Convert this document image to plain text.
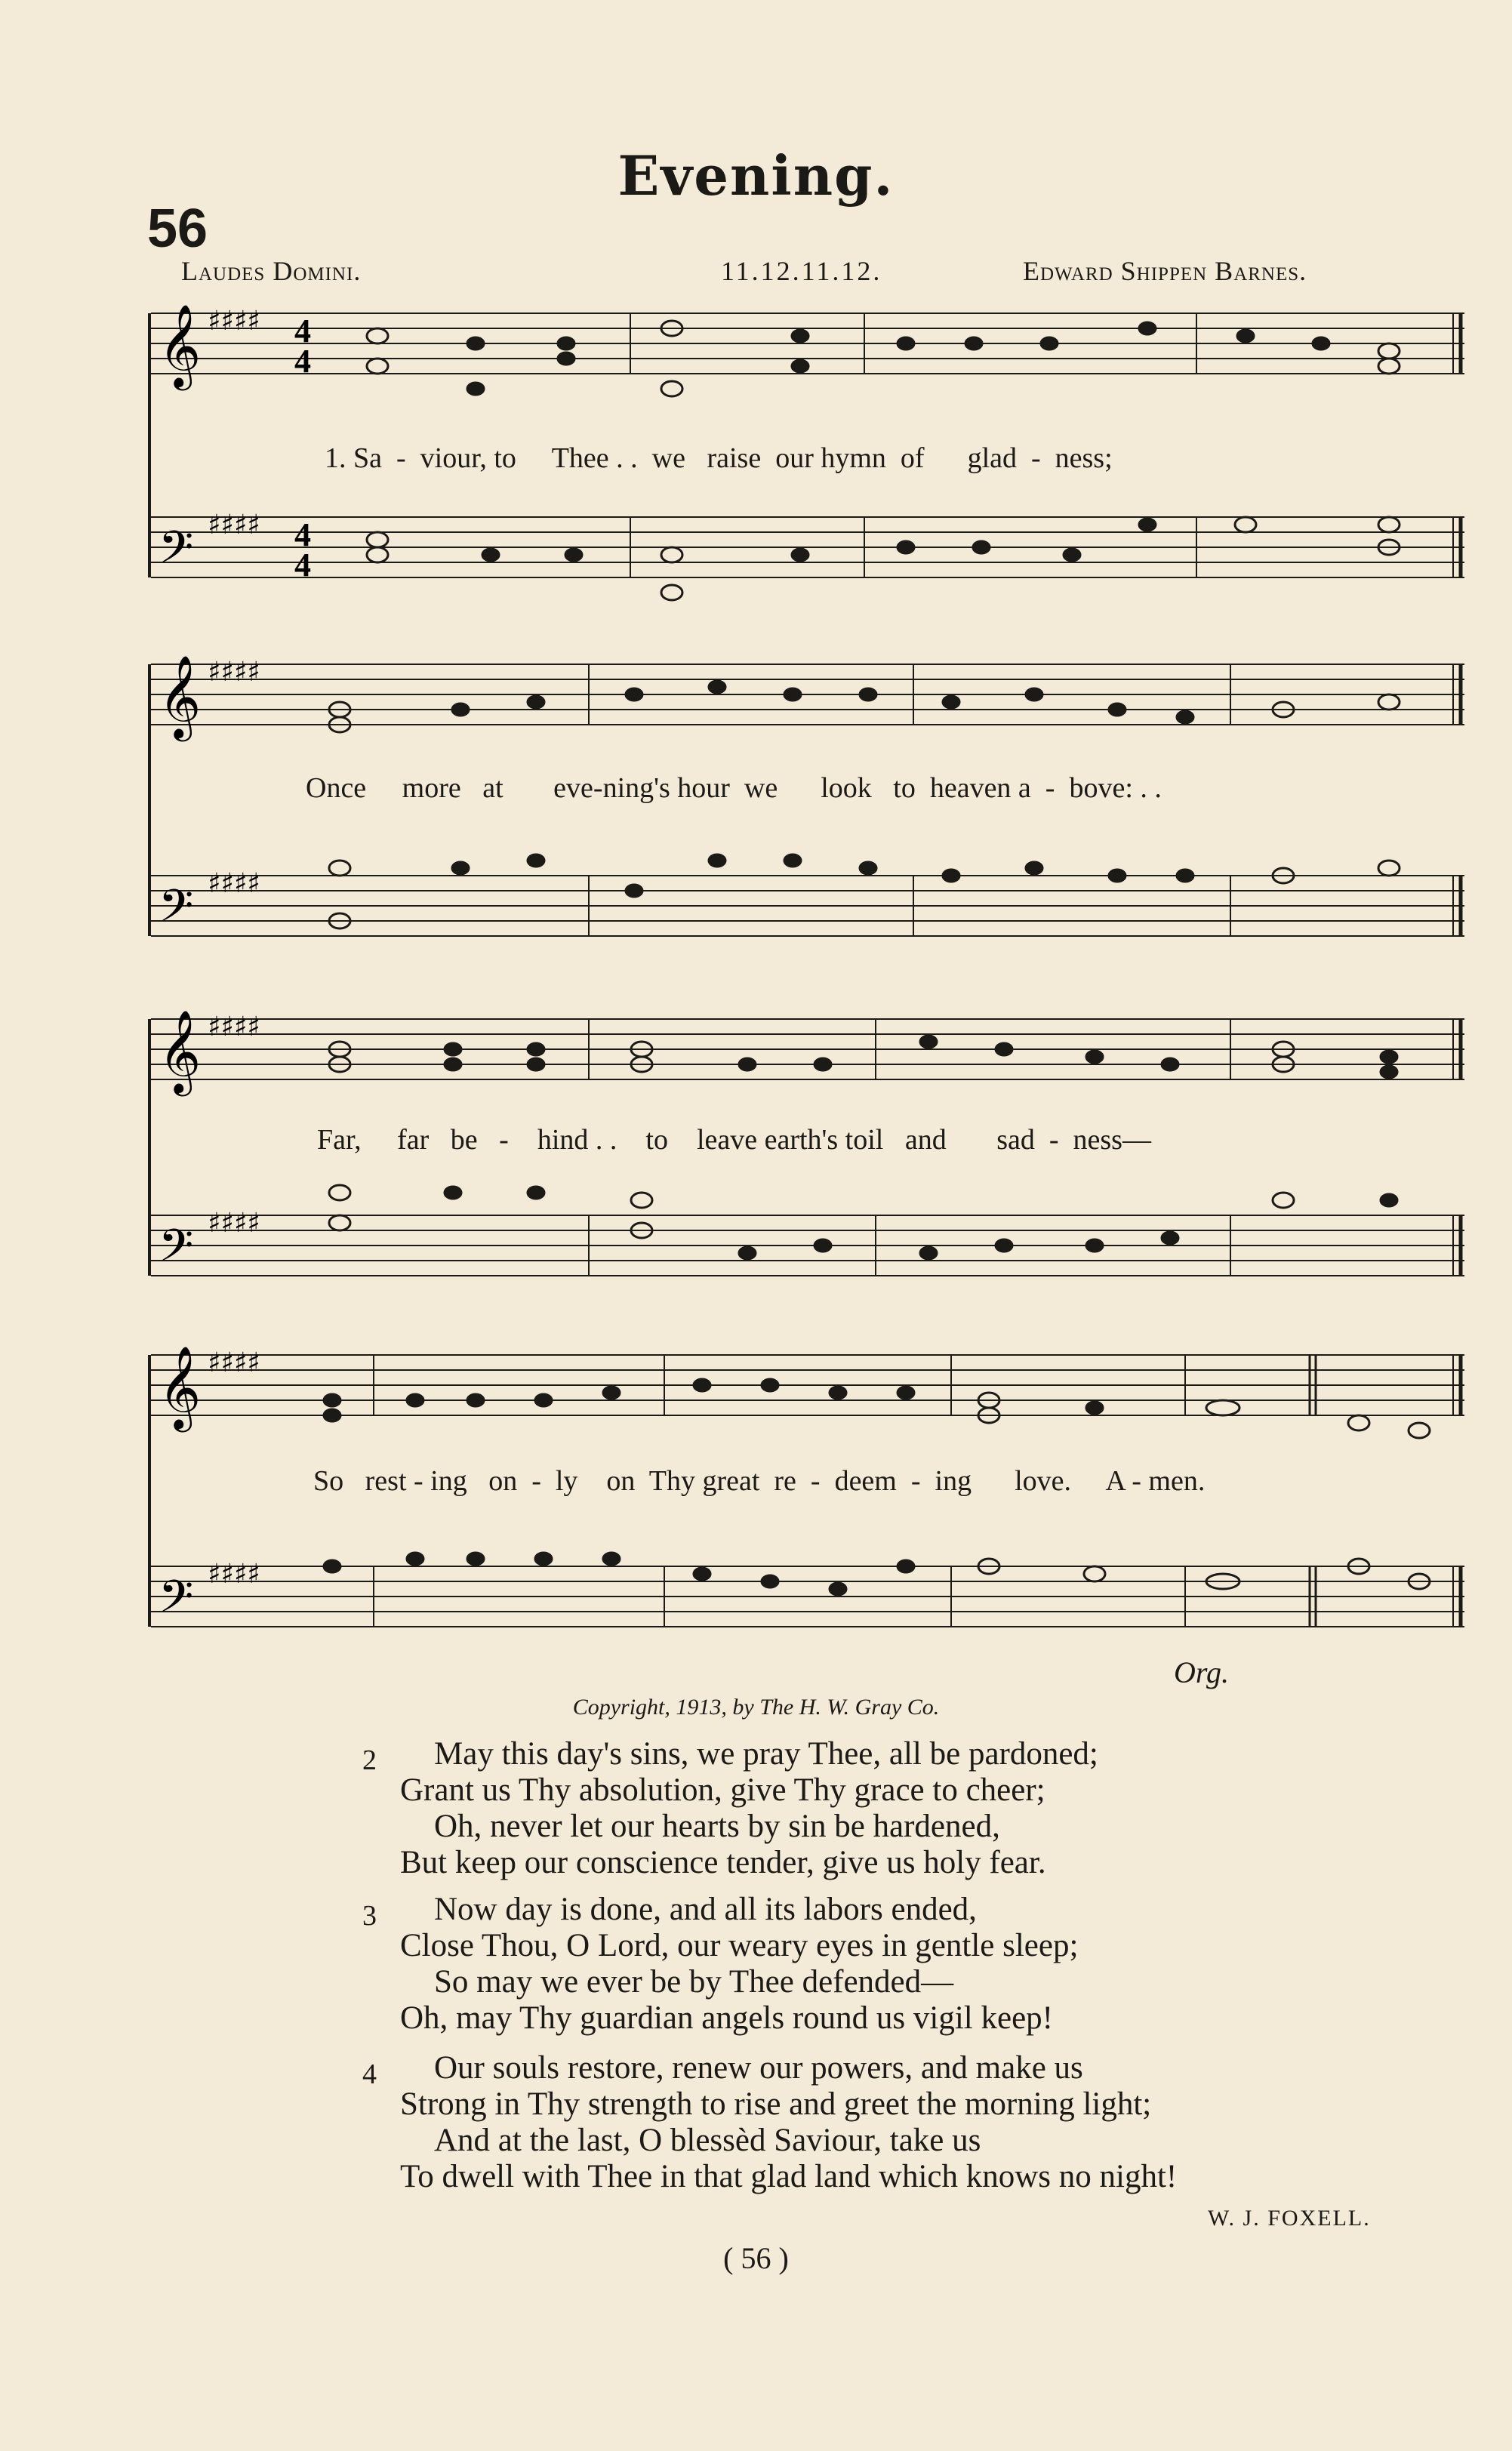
Evening.
56
Laudes Domini.	11.12.11.12.	Edward Shippen Barnes.
𝄞
𝄢
♯♯♯♯
♯♯♯♯
4
4
4
4
1. Sa  -  viour, to     Thee . .  we   raise  our hymn  of      glad  -  ness;
𝄞
𝄢
♯♯♯♯
♯♯♯♯
Once     more   at       eve-ning's hour  we      look   to  heaven a  -  bove: . .
𝄞
𝄢
♯♯♯♯
♯♯♯♯
Far,     far   be   -    hind . .    to    leave earth's toil   and       sad  -  ness—
𝄞
𝄢
♯♯♯♯
♯♯♯♯
So   rest - ing   on  -  ly    on  Thy great  re  -  deem  -  ing      love.     A - men.
Org.
Copyright, 1913, by The H. W. Gray Co.
2 May this day's sins, we pray Thee, all be pardoned;
Grant us Thy absolution, give Thy grace to cheer;
Oh, never let our hearts by sin be hardened,
But keep our conscience tender, give us holy fear.
3 Now day is done, and all its labors ended,
Close Thou, O Lord, our weary eyes in gentle sleep;
So may we ever be by Thee defended—
Oh, may Thy guardian angels round us vigil keep!
4 Our souls restore, renew our powers, and make us
Strong in Thy strength to rise and greet the morning light;
And at the last, O blessèd Saviour, take us
To dwell with Thee in that glad land which knows no night!
W. J. FOXELL.
( 56 )
